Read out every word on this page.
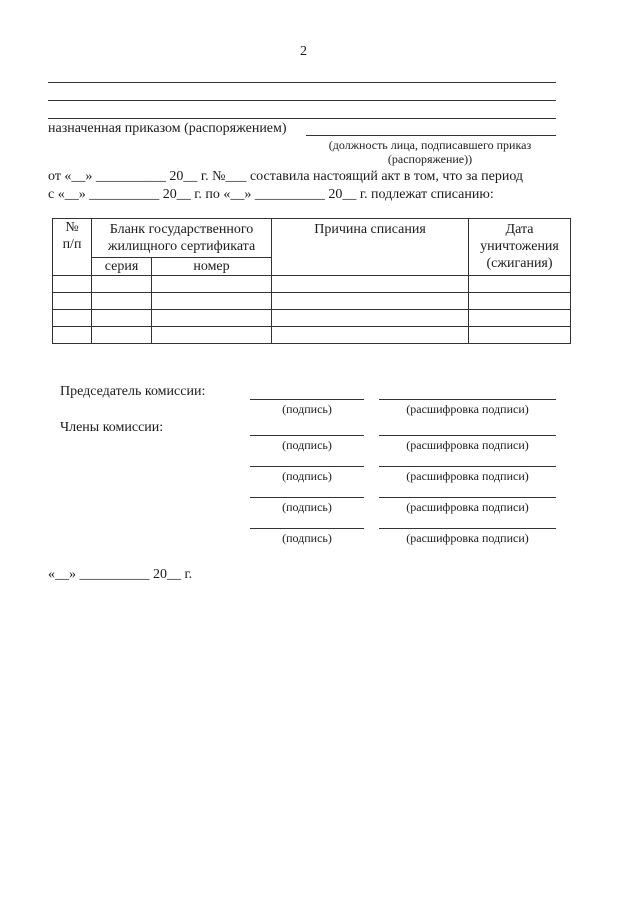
2
назначенная приказом (распоряжением)
(должность лица, подписавшего приказ
(распоряжение))
от «__» __________ 20__ г. №___ составила настоящий акт в том, что за период
с «__» __________ 20__ г. по «__» __________ 20__ г. подлежат списанию:
№ п/п	Бланк государственного жилищного сертификата		Причина списания	Дата уничтожения (сжигания)
	серия	номер		

Председатель комиссии:
(подпись)	(расшифровка подписи)
Члены комиссии:
(подпись)	(расшифровка подписи)
(подпись)	(расшифровка подписи)
(подпись)	(расшифровка подписи)
(подпись)	(расшифровка подписи)
«__» __________ 20__ г.
